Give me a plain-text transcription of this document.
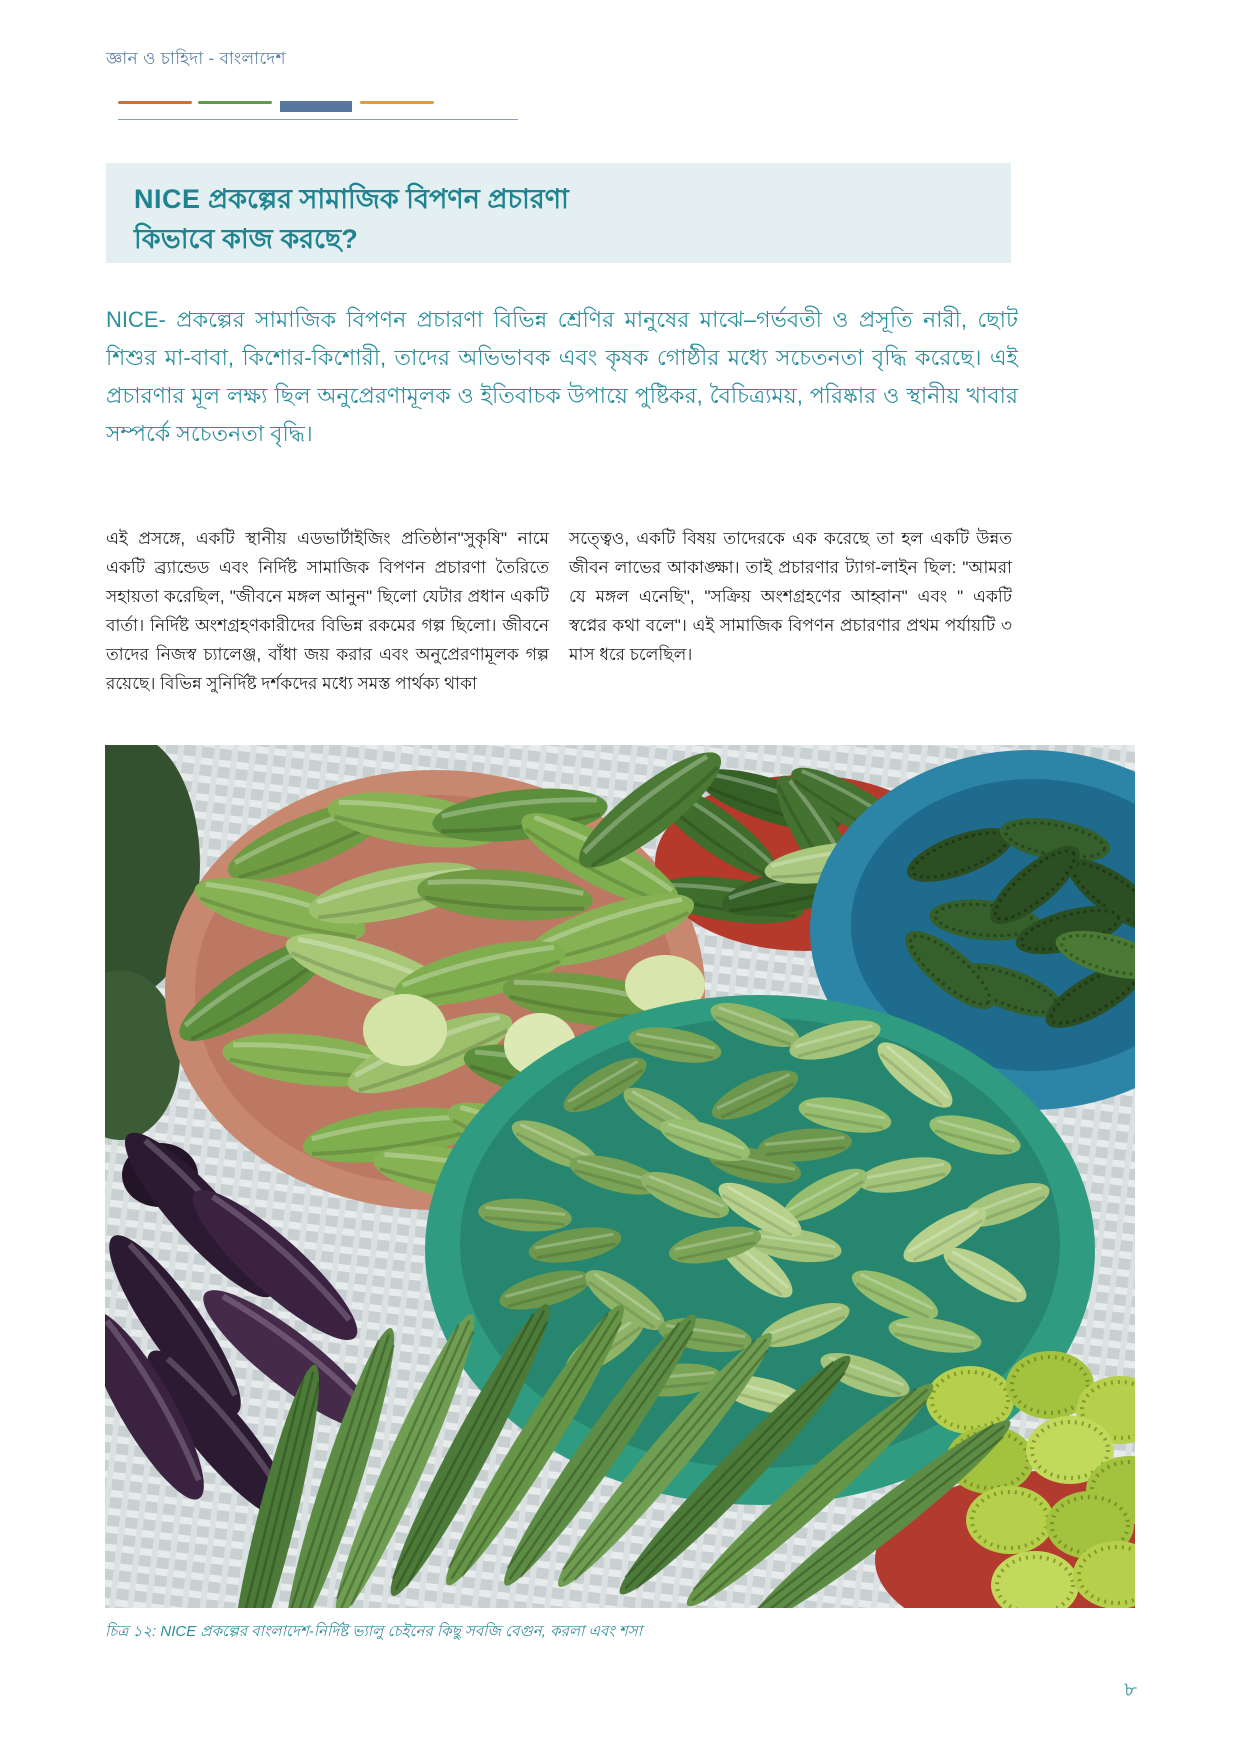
জ্ঞান ও চাহিদা - বাংলাদেশ
NICE প্রকল্পের সামাজিক বিপণন প্রচারণা
কিভাবে কাজ করছে?

NICE- প্রকল্পের সামাজিক বিপণন প্রচারণা বিভিন্ন শ্রেণির মানুষের মাঝে–গর্ভবতী ও প্রসূতি নারী, ছোট শিশুর মা-বাবা, কিশোর-কিশোরী, তাদের অভিভাবক এবং কৃষক গোষ্ঠীর মধ্যে সচেতনতা বৃদ্ধি করেছে। এই প্রচারণার মূল লক্ষ্য ছিল অনুপ্রেরণামূলক ও ইতিবাচক উপায়ে পুষ্টিকর, বৈচিত্র্যময়, পরিষ্কার ও স্থানীয় খাবার সম্পর্কে সচেতনতা বৃদ্ধি।

এই প্রসঙ্গে, একটি স্থানীয় এডভার্টাইজিং প্রতিষ্ঠান"সুকৃষি" নামে একটি ব্র্যান্ডেড এবং নির্দিষ্ট সামাজিক বিপণন প্রচারণা তৈরিতে সহায়তা করেছিল, "জীবনে মঙ্গল আনুন" ছিলো যেটার প্রধান একটি বার্তা। নির্দিষ্ট অংশগ্রহণকারীদের বিভিন্ন রকমের গল্প ছিলো। জীবনে তাদের নিজস্ব চ্যালেঞ্জ, বাঁধা জয় করার এবং অনুপ্রেরণামূলক গল্প রয়েছে। বিভিন্ন সুনির্দিষ্ট দর্শকদের মধ্যে সমস্ত পার্থক্য থাকা

সত্ত্বেও, একটি বিষয় তাদেরকে এক করেছে তা হল একটি উন্নত জীবন লাভের আকাঙ্ক্ষা। তাই প্রচারণার ট্যাগ-লাইন ছিল: "আমরা যে মঙ্গল এনেছি", "সক্রিয় অংশগ্রহণের আহ্বান" এবং " একটি স্বপ্নের কথা বলে"। এই সামাজিক বিপণন প্রচারণার প্রথম পর্যায়টি ৩ মাস ধরে চলেছিল।

চিত্র ১২: NICE প্রকল্পের বাংলাদেশ-নির্দিষ্ট ভ্যালু চেইনের কিছু সবজি বেগুন, করলা এবং শসা
৮
